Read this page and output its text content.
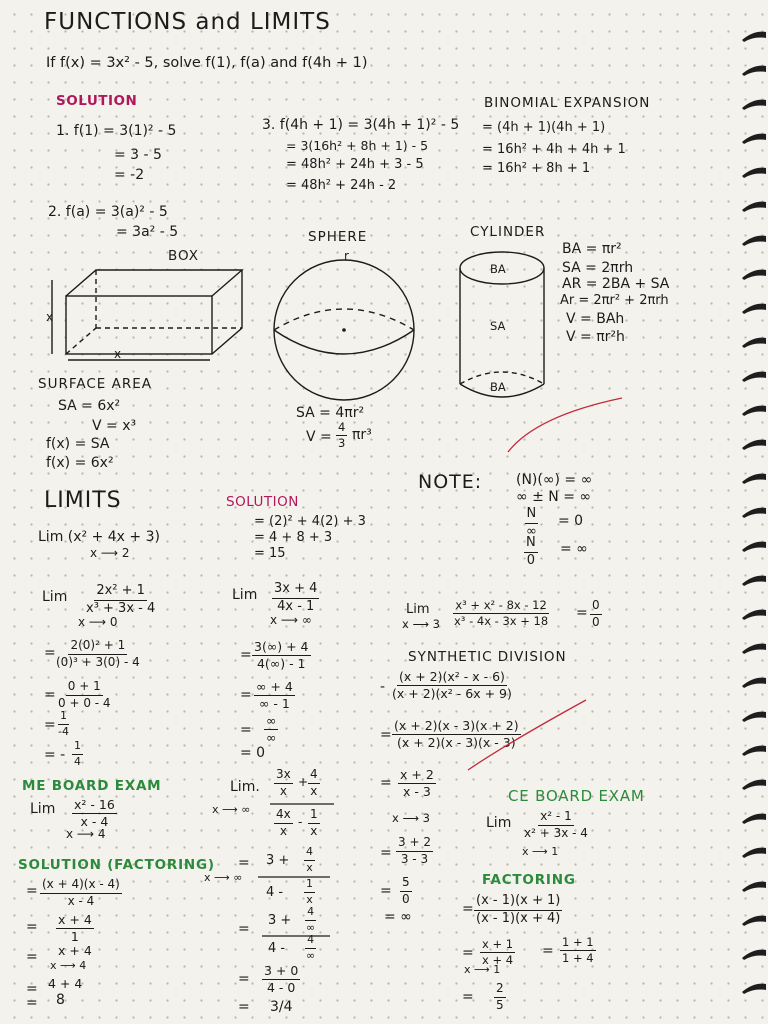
FUNCTIONS and LIMITS
If f(x) = 3x² - 5, solve f(1), f(a) and f(4h + 1)
SOLUTION
1. f(1) = 3(1)² - 5
= 3 - 5
= -2
2. f(a) = 3(a)² - 5
= 3a² - 5
3. f(4h + 1) = 3(4h + 1)² - 5
= 3(16h² + 8h + 1) - 5
= 48h² + 24h + 3 - 5
= 48h² + 24h - 2
BINOMIAL EXPANSION
= (4h + 1)(4h + 1)
= 16h² + 4h + 4h + 1
= 16h² + 8h + 1
BOX
x
x
SURFACE AREA
SA = 6x²
V = x³
f(x) = SA
f(x) = 6x²
SPHERE
r
SA = 4πr²
$V = \frac{4}{3} \pi r^3$
CYLINDER
BA
SA
BA
BA = πr²
SA = 2πrh
AR = 2BA + SA
Ar = 2πr² + 2πrh
V = BAh
V = πr²h
LIMITS
Lim (x² + 4x + 3)
x ⟶ 2
SOLUTION
= (2)² + 4(2) + 3
= 4 + 8 + 3
= 15
NOTE: (N)(∞) = ∞
∞ ± N = ∞
N
∞
= 0
$\frac{N}{0}$ = ∞
Lim $\frac{\text{2x² + 1}}{\text{x³ + 3x - 4}}$
x ⟶ 0
=
$\frac{\text{2(0)² + 1}}{\text{(0)³ + 3(0) - 4}}$
= $\frac{0 + 1}{0 + 0 - 4}$
= $\frac{1}{-4}$
= - $\frac{1}{4}$
Lim $\frac{3x + 4}{4x - 1}$
x ⟶ ∞
= $\frac{3(\infty) + 4}{4(\infty) - 1}$
= $\frac{\infty + 4}{\infty - 1}$
=
∞
∞
= 0
Lim $\frac{\text{x³ + x² - 8x - 12}}{\text{x³ - 4x - 3x + 18}}$
x ⟶ 3
= $\frac{0}{0}$
SYNTHETIC DIVISION
- $\frac{\text{(x + 2)(x² - x - 6)}}{\text{(x + 2)(x² - 6x + 9)}}$
= $\frac{(x + 2)(x - 3)(x + 2)}{(x + 2)(x - 3)(x - 3)}$
= $\frac{x + 2}{x - 3}$
x ⟶ 3
= $\frac{3 + 2}{3 - 3}$
= $\frac{5}{0}$
= ∞
ME BOARD EXAM
Lim $\frac{\text{x² - 16}}{x - 4}$
x ⟶ 4
SOLUTION (FACTORING)
= $\frac{(x + 4)(x - 4)}{x - 4}$
= $\frac{x + 4}{1}$
= x + 4
x ⟶ 4
= 4 + 4
= 8
Lim.
x ⟶ ∞
$\frac{3x}{x} + \frac{4}{x}$
$\frac{4x}{x} - \frac{1}{x}$
= $3 + \frac{4}{x}$
$4 - \frac{1}{x}$
x ⟶ ∞
=
3 +
4
∞
4 -
4
∞
= $\frac{3 + 0}{4 - 0}$
= 3/4
CE BOARD EXAM
Lim $\frac{\text{x² - 1}}{\text{x² + 3x - 4}}$
x ⟶ 1
FACTORING
= $\frac{(x - 1)(x + 1)}{(x - 1)(x + 4)}$
= $\frac{x + 1}{x + 4}$
x ⟶ 1
= $\frac{1 + 1}{1 + 4}$
= $\frac{2}{5}$
